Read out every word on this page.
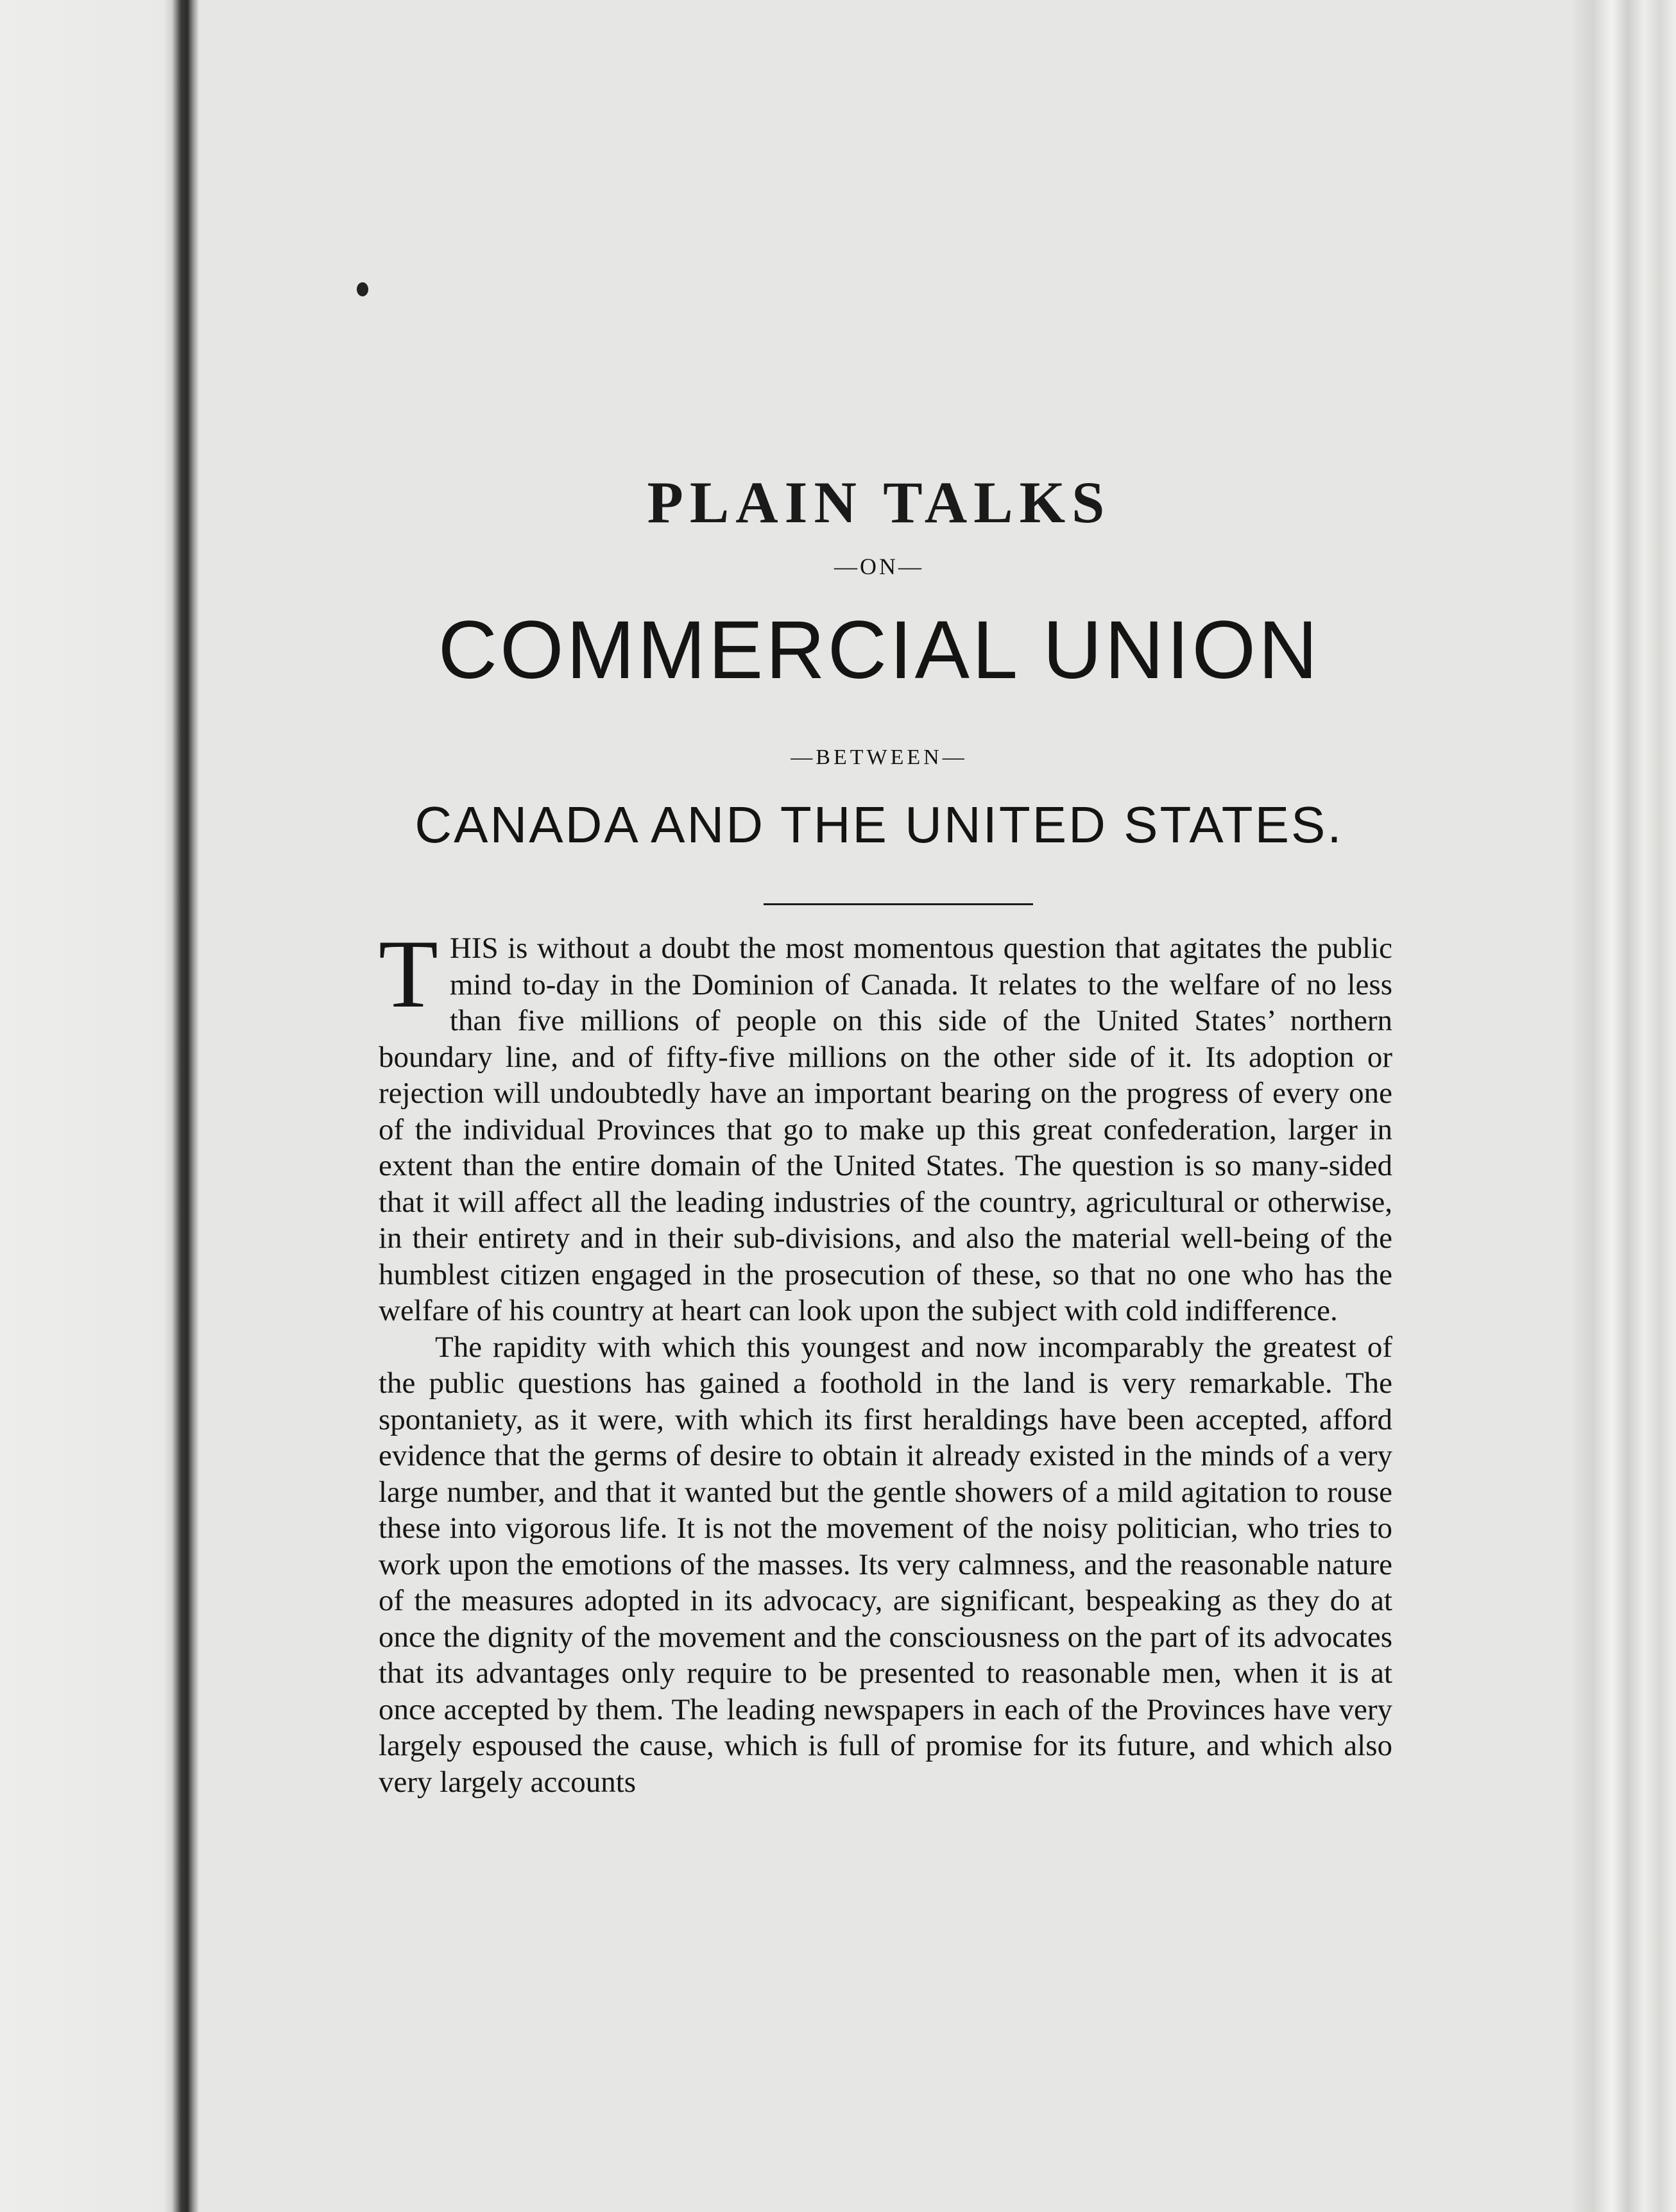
PLAIN TALKS
—ON—
COMMERCIAL UNION
—BETWEEN—
CANADA AND THE UNITED STATES.

THIS is without a doubt the most momentous question that agitates the public mind to-day in the Dominion of Canada. It relates to the welfare of no less than five millions of people on this side of the United States’ northern boundary line, and of fifty-five millions on the other side of it. Its adoption or rejection will undoubtedly have an important bearing on the progress of every one of the individual Provinces that go to make up this great confederation, larger in extent than the entire domain of the United States. The question is so many-sided that it will affect all the leading industries of the country, agricultural or otherwise, in their entirety and in their sub-divisions, and also the material well-being of the humblest citizen engaged in the prosecution of these, so that no one who has the welfare of his country at heart can look upon the subject with cold indifference.

The rapidity with which this youngest and now incomparably the greatest of the public questions has gained a foothold in the land is very remarkable. The spontaniety, as it were, with which its first heraldings have been accepted, afford evidence that the germs of desire to obtain it already existed in the minds of a very large number, and that it wanted but the gentle showers of a mild agitation to rouse these into vigorous life. It is not the movement of the noisy politician, who tries to work upon the emotions of the masses. Its very calmness, and the reasonable nature of the measures adopted in its advocacy, are significant, bespeaking as they do at once the dignity of the movement and the consciousness on the part of its advocates that its advantages only require to be presented to reasonable men, when it is at once accepted by them. The leading newspapers in each of the Provinces have very largely espoused the cause, which is full of promise for its future, and which also very largely accounts
